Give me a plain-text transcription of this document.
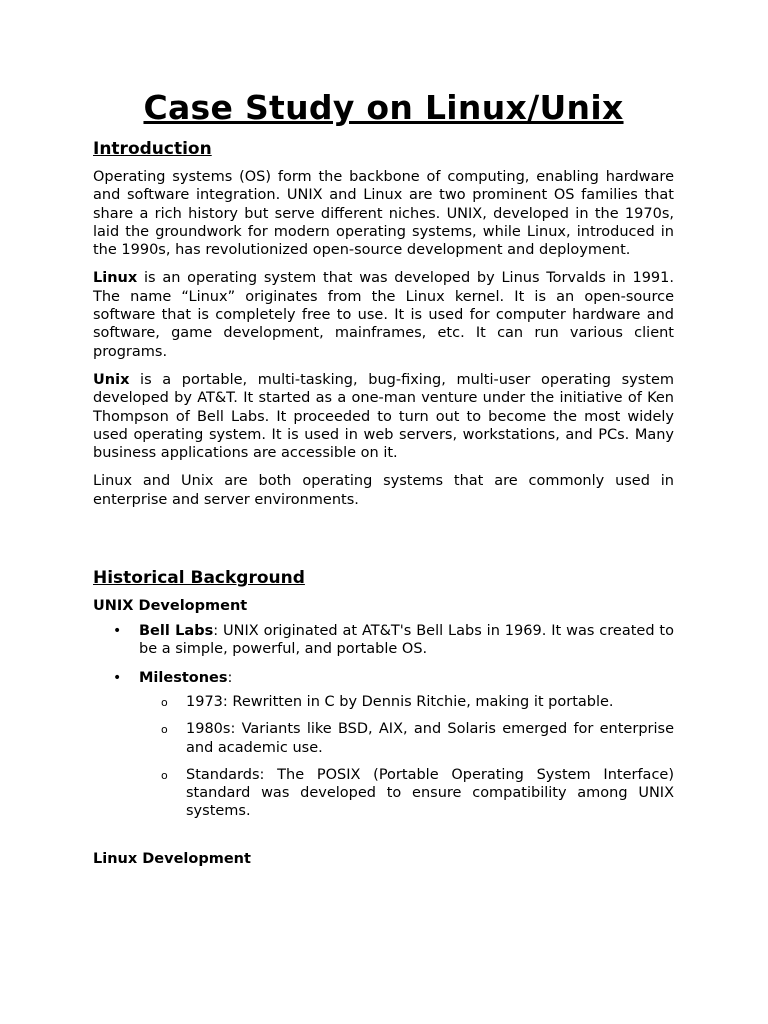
Case Study on Linux/Unix
Introduction

Operating systems (OS) form the backbone of computing, enabling hardware and software integration. UNIX and Linux are two prominent OS families that share a rich history but serve different niches. UNIX, developed in the 1970s, laid the groundwork for modern operating systems, while Linux, introduced in the 1990s, has revolutionized open-source development and deployment.

Linux is an operating system that was developed by Linus Torvalds in 1991. The name “Linux” originates from the Linux kernel. It is an open-source software that is completely free to use. It is used for computer hardware and software, game development, mainframes, etc. It can run various client programs.

Unix is a portable, multi-tasking, bug-fixing, multi-user operating system developed by AT&T. It started as a one-man venture under the initiative of Ken Thompson of Bell Labs. It proceeded to turn out to become the most widely used operating system. It is used in web servers, workstations, and PCs. Many business applications are accessible on it.

Linux and Unix are both operating systems that are commonly used in enterprise and server environments.

Historical Background
UNIX Development

• Bell Labs: UNIX originated at AT&T's Bell Labs in 1969. It was created to be a simple, powerful, and portable OS.

• Milestones:

o 1973: Rewritten in C by Dennis Ritchie, making it portable.

o 1980s: Variants like BSD, AIX, and Solaris emerged for enterprise and academic use.

o Standards: The POSIX (Portable Operating System Interface) standard was developed to ensure compatibility among UNIX systems.

Linux Development
